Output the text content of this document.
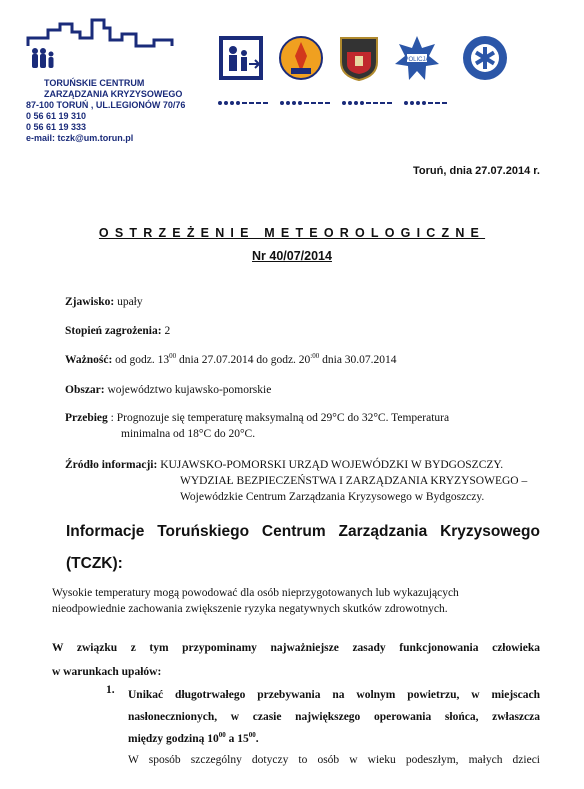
TORUŃSKIE CENTRUM
ZARZĄDZANIA KRYZYSOWEGO
87-100 TORUŃ , UL.LEGIONÓW 70/76
0 56 61 19 310
0 56 61 19 333
e-mail: tczk@um.torun.pl
POLICJA

Toruń, dnia 27.07.2014 r.
OSTRZEŻENIE METEOROLOGICZNE
Nr 40/07/2014
Zjawisko: upały
Stopień zagrożenia: 2
Ważność: od godz. $13^{00}$ dnia 27.07.2014 do godz. $20^{:00}$ dnia 30.07.2014
Obszar: województwo kujawsko-pomorskie
Przebieg : Prognozuje się temperaturę maksymalną od 29°C do 32°C. Temperatura
minimalna od 18°C do 20°C.
Źródło informacji: KUJAWSKO-POMORSKI URZĄD WOJEWÓDZKI W BYDGOSZCZY.
WYDZIAŁ BEZPIECZEŃSTWA I ZARZĄDZANIA KRYZYSOWEGO –
Wojewódzkie Centrum Zarządzania Kryzysowego w Bydgoszczy.
Informacje Toruńskiego Centrum Zarządzania Kryzysowego
(TCZK):
Wysokie temperatury mogą powodować dla osób nieprzygotowanych lub wykazujących
nieodpowiednie zachowania zwiększenie ryzyka negatywnych skutków zdrowotnych.
W związku z tym przypominamy najważniejsze zasady funkcjonowania człowieka
w warunkach upałów:
1. Unikać długotrwałego przebywania na wolnym powietrzu, w miejscach
nasłonecznionych, w czasie największego operowania słońca, zwłaszcza
między godziną $10^{00}$ a $15^{00}$.
W sposób szczególny dotyczy to osób w wieku podeszłym, małych dzieci
